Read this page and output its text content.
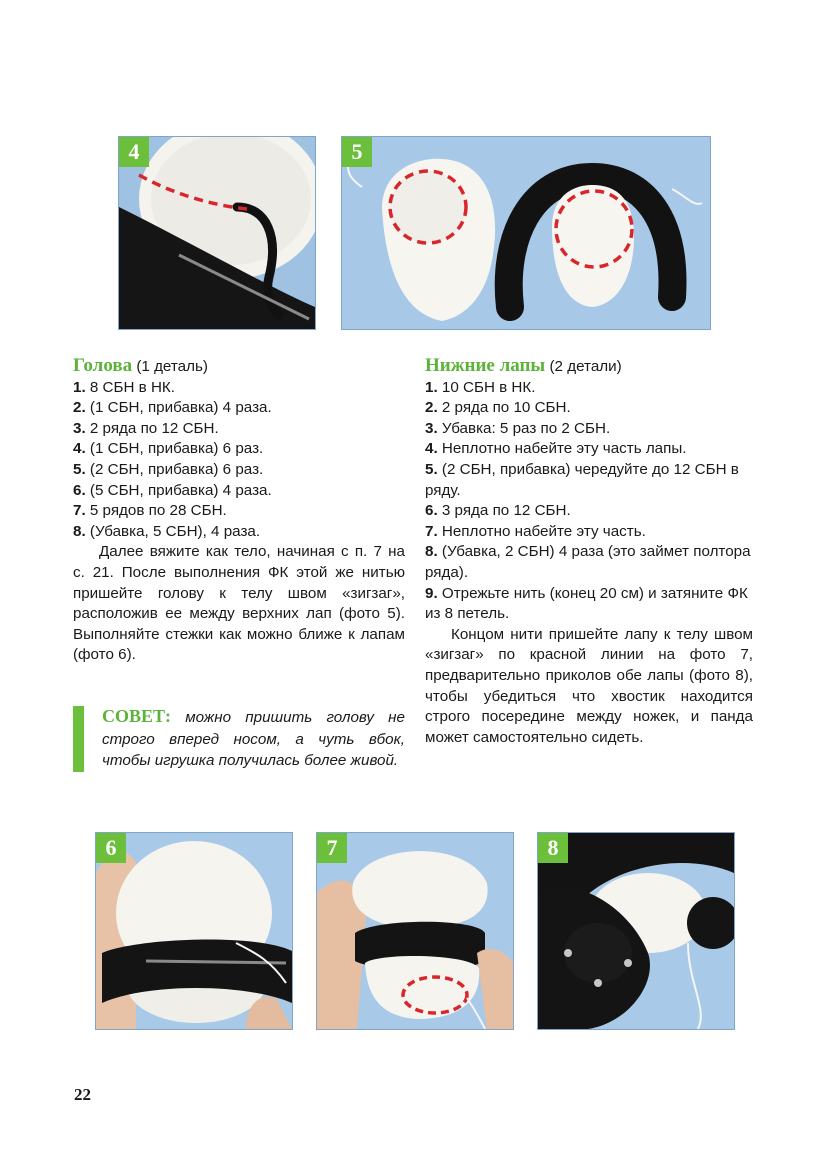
4	5

Голова (1 деталь)

1. 8 СБН в НК.
2. (1 СБН, прибавка) 4 раза.
3. 2 ряда по 12 СБН.
4. (1 СБН, прибавка) 6 раз.
5. (2 СБН, прибавка) 6 раз.
6. (5 СБН, прибавка) 4 раза.
7. 5 рядов по 28 СБН.
8. (Убавка, 5 СБН), 4 раза.

Далее вяжите как тело, начиная с п. 7 на с. 21. После выполнения ФК этой же нитью пришейте голову к телу швом «зигзаг», расположив ее между верхних лап (фото 5). Выполняйте стежки как можно ближе к лапам (фото 6).

СОВЕТ: можно пришить голову не строго вперед носом, а чуть вбок, чтобы игрушка получилась более живой.

Нижние лапы (2 детали)

1. 10 СБН в НК.
2. 2 ряда по 10 СБН.
3. Убавка: 5 раз по 2 СБН.
4. Неплотно набейте эту часть лапы.
5. (2 СБН, прибавка) чередуйте до 12 СБН в ряду.
6. 3 ряда по 12 СБН.
7. Неплотно набейте эту часть.
8. (Убавка, 2 СБН) 4 раза (это займет полтора ряда).
9. Отрежьте нить (конец 20 см) и затяните ФК из 8 петель.

Концом нити пришейте лапу к телу швом «зигзаг» по красной линии на фото 7, предварительно приколов обе лапы (фото 8), чтобы убедиться что хвостик находится строго посередине между ножек, и панда может самостоятельно сидеть.

6	7	8
22
